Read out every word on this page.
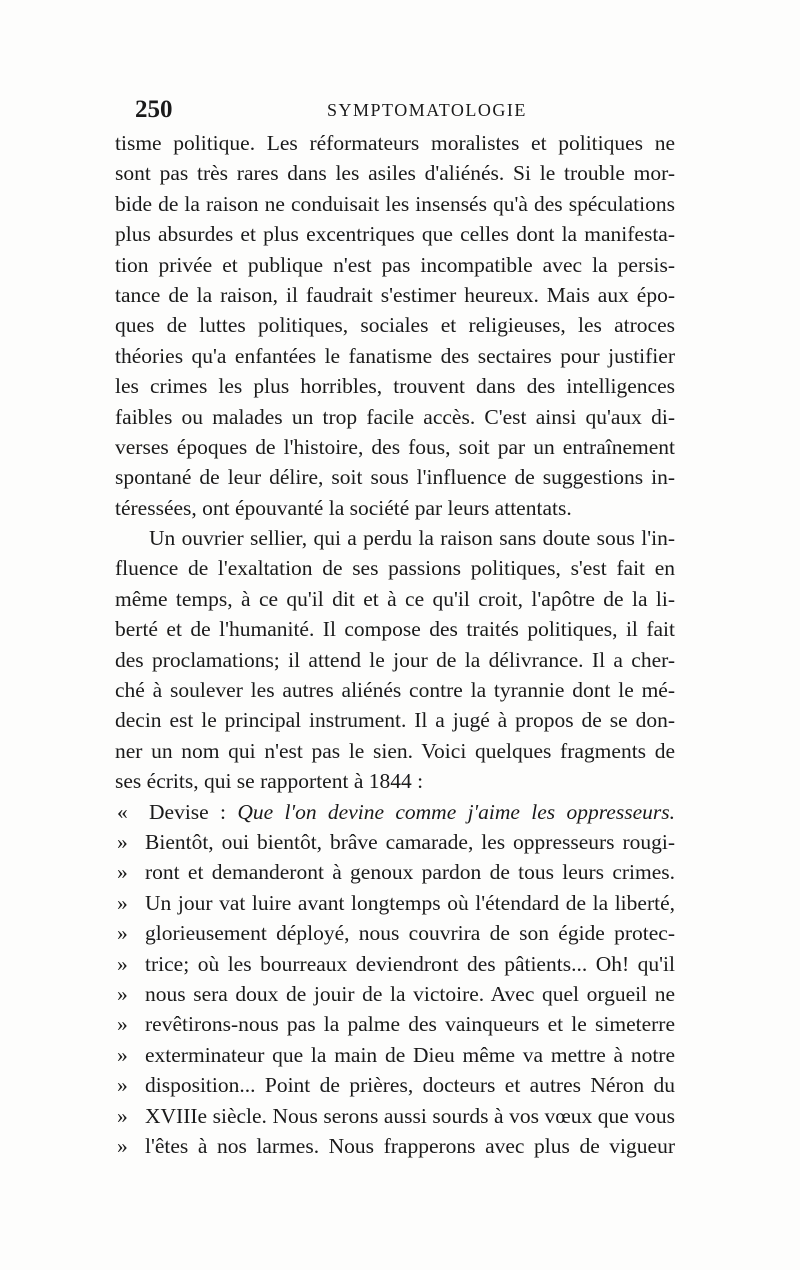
250	SYMPTOMATOLOGIE
tisme politique. Les réformateurs moralistes et politiques ne
sont pas très rares dans les asiles d'aliénés. Si le trouble mor-
bide de la raison ne conduisait les insensés qu'à des spéculations
plus absurdes et plus excentriques que celles dont la manifesta-
tion privée et publique n'est pas incompatible avec la persis-
tance de la raison, il faudrait s'estimer heureux. Mais aux épo-
ques de luttes politiques, sociales et religieuses, les atroces
théories qu'a enfantées le fanatisme des sectaires pour justifier
les crimes les plus horribles, trouvent dans des intelligences
faibles ou malades un trop facile accès. C'est ainsi qu'aux di-
verses époques de l'histoire, des fous, soit par un entraînement
spontané de leur délire, soit sous l'influence de suggestions in-
téressées, ont épouvanté la société par leurs attentats.
Un ouvrier sellier, qui a perdu la raison sans doute sous l'in-
fluence de l'exaltation de ses passions politiques, s'est fait en
même temps, à ce qu'il dit et à ce qu'il croit, l'apôtre de la li-
berté et de l'humanité. Il compose des traités politiques, il fait
des proclamations; il attend le jour de la délivrance. Il a cher-
ché à soulever les autres aliénés contre la tyrannie dont le mé-
decin est le principal instrument. Il a jugé à propos de se don-
ner un nom qui n'est pas le sien. Voici quelques fragments de
ses écrits, qui se rapportent à 1844 :
« Devise : Que l'on devine comme j'aime les oppresseurs.
» Bientôt, oui bientôt, brâve camarade, les oppresseurs rougi-
» ront et demanderont à genoux pardon de tous leurs crimes.
» Un jour vat luire avant longtemps où l'étendard de la liberté,
» glorieusement déployé, nous couvrira de son égide protec-
» trice; où les bourreaux deviendront des pâtients... Oh! qu'il
» nous sera doux de jouir de la victoire. Avec quel orgueil ne
» revêtirons-nous pas la palme des vainqueurs et le simeterre
» exterminateur que la main de Dieu même va mettre à notre
» disposition... Point de prières, docteurs et autres Néron du
» XVIIIe siècle. Nous serons aussi sourds à vos vœux que vous
» l'êtes à nos larmes. Nous frapperons avec plus de vigueur
